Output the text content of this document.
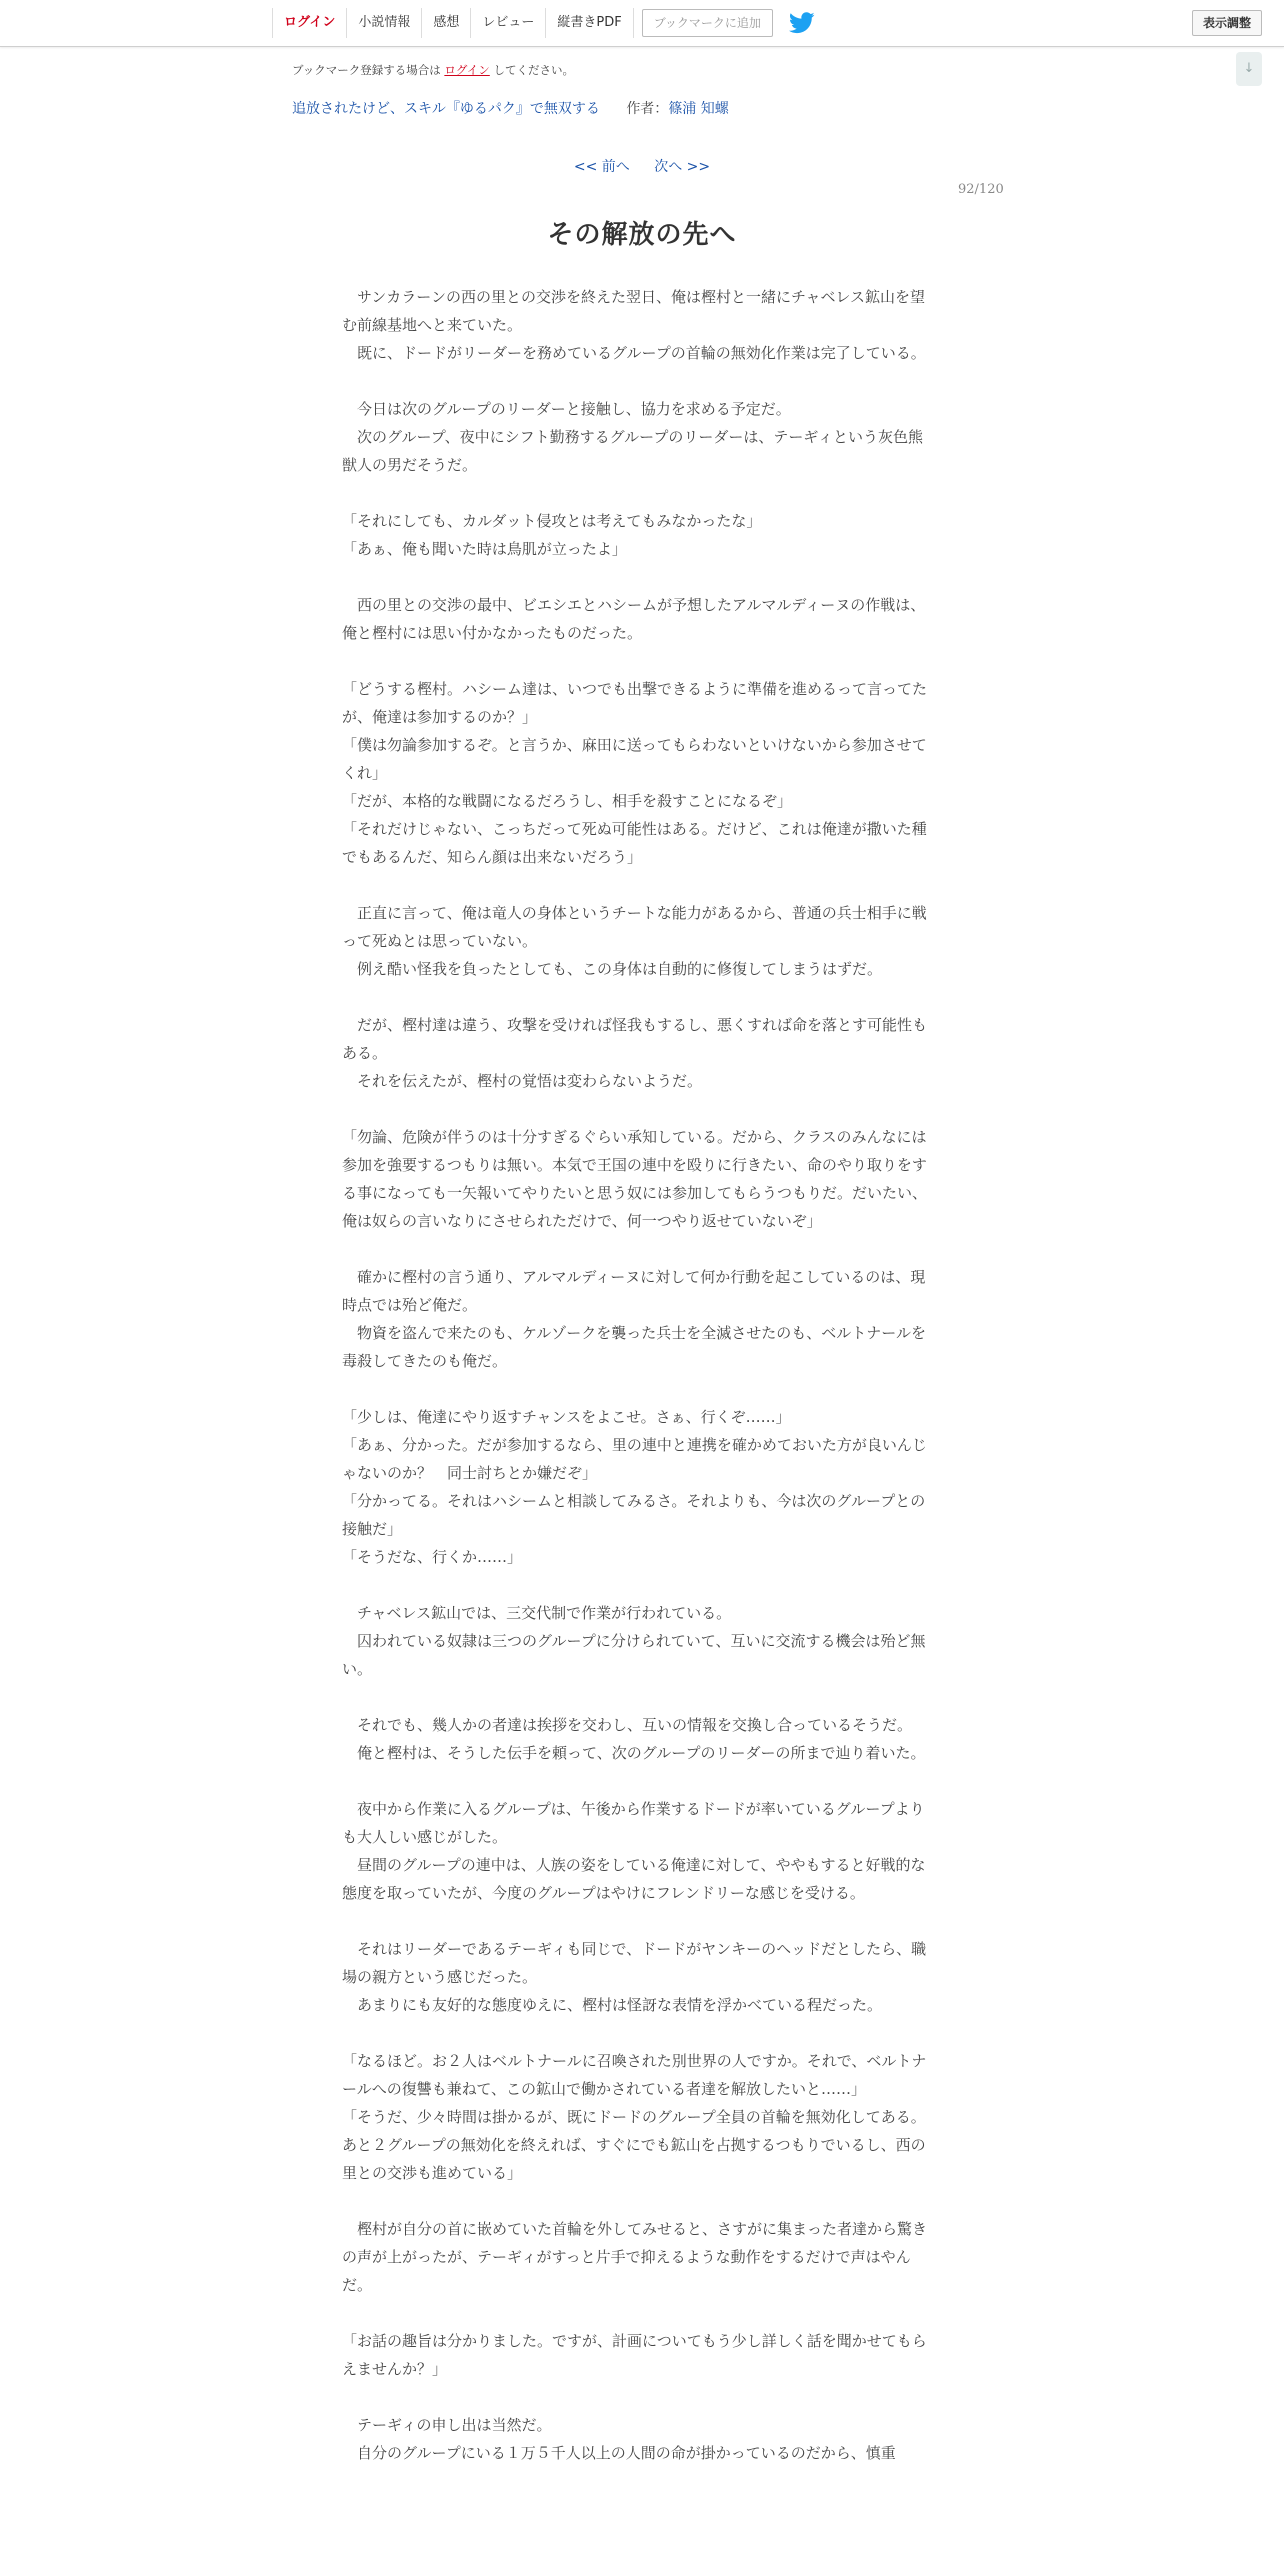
ログイン	小説情報	感想	レビュー	縦書きPDF	ブックマークに追加	表示調整
↓
ブックマーク登録する場合は ログイン してください。
追放されたけど、スキル『ゆるパク』で無双する 作者：篠浦 知螺
<< 前へ 次へ >>
92/120
その解放の先へ

　サンカラーンの西の里との交渉を終えた翌日、俺は樫村と一緒にチャベレス鉱山を望む前線基地へと来ていた。

　既に、ドードがリーダーを務めているグループの首輪の無効化作業は完了している。

　今日は次のグループのリーダーと接触し、協力を求める予定だ。

　次のグループ、夜中にシフト勤務するグループのリーダーは、テーギィという灰色熊獣人の男だそうだ。

「それにしても、カルダット侵攻とは考えてもみなかったな」

「あぁ、俺も聞いた時は鳥肌が立ったよ」

　西の里との交渉の最中、ビエシエとハシームが予想したアルマルディーヌの作戦は、俺と樫村には思い付かなかったものだった。

「どうする樫村。ハシーム達は、いつでも出撃できるように準備を進めるって言ってたが、俺達は参加するのか？」

「僕は勿論参加するぞ。と言うか、麻田に送ってもらわないといけないから参加させてくれ」

「だが、本格的な戦闘になるだろうし、相手を殺すことになるぞ」

「それだけじゃない、こっちだって死ぬ可能性はある。だけど、これは俺達が撒いた種でもあるんだ、知らん顔は出来ないだろう」

　正直に言って、俺は竜人の身体というチートな能力があるから、普通の兵士相手に戦って死ぬとは思っていない。

　例え酷い怪我を負ったとしても、この身体は自動的に修復してしまうはずだ。

　だが、樫村達は違う、攻撃を受ければ怪我もするし、悪くすれば命を落とす可能性もある。

　それを伝えたが、樫村の覚悟は変わらないようだ。

「勿論、危険が伴うのは十分すぎるぐらい承知している。だから、クラスのみんなには参加を強要するつもりは無い。本気で王国の連中を殴りに行きたい、命のやり取りをする事になっても一矢報いてやりたいと思う奴には参加してもらうつもりだ。だいたい、俺は奴らの言いなりにさせられただけで、何一つやり返せていないぞ」

　確かに樫村の言う通り、アルマルディーヌに対して何か行動を起こしているのは、現時点では殆ど俺だ。

　物資を盗んで来たのも、ケルゾークを襲った兵士を全滅させたのも、ベルトナールを毒殺してきたのも俺だ。

「少しは、俺達にやり返すチャンスをよこせ。さぁ、行くぞ……」

「あぁ、分かった。だが参加するなら、里の連中と連携を確かめておいた方が良いんじゃないのか？　同士討ちとか嫌だぞ」

「分かってる。それはハシームと相談してみるさ。それよりも、今は次のグループとの接触だ」

「そうだな、行くか……」

　チャベレス鉱山では、三交代制で作業が行われている。

　囚われている奴隷は三つのグループに分けられていて、互いに交流する機会は殆ど無い。

　それでも、幾人かの者達は挨拶を交わし、互いの情報を交換し合っているそうだ。

　俺と樫村は、そうした伝手を頼って、次のグループのリーダーの所まで辿り着いた。

　夜中から作業に入るグループは、午後から作業するドードが率いているグループよりも大人しい感じがした。

　昼間のグループの連中は、人族の姿をしている俺達に対して、ややもすると好戦的な態度を取っていたが、今度のグループはやけにフレンドリーな感じを受ける。

　それはリーダーであるテーギィも同じで、ドードがヤンキーのヘッドだとしたら、職場の親方という感じだった。

　あまりにも友好的な態度ゆえに、樫村は怪訝な表情を浮かべている程だった。

「なるほど。お２人はベルトナールに召喚された別世界の人ですか。それで、ベルトナールへの復讐も兼ねて、この鉱山で働かされている者達を解放したいと……」

「そうだ、少々時間は掛かるが、既にドードのグループ全員の首輪を無効化してある。あと２グループの無効化を終えれば、すぐにでも鉱山を占拠するつもりでいるし、西の里との交渉も進めている」

　樫村が自分の首に嵌めていた首輪を外してみせると、さすがに集まった者達から驚きの声が上がったが、テーギィがすっと片手で抑えるような動作をするだけで声はやんだ。

「お話の趣旨は分かりました。ですが、計画についてもう少し詳しく話を聞かせてもらえませんか？」

　テーギィの申し出は当然だ。

　自分のグループにいる１万５千人以上の人間の命が掛かっているのだから、慎重
